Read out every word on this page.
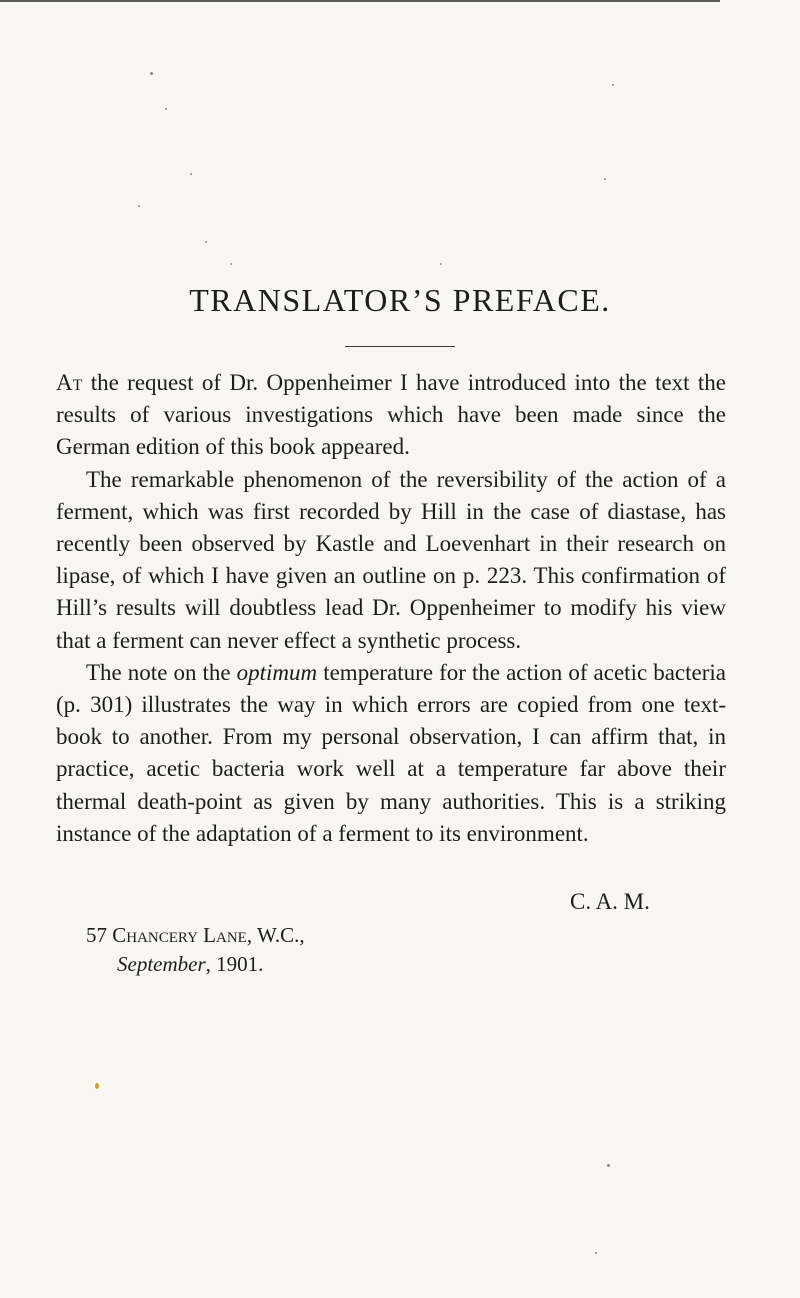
TRANSLATOR’S PREFACE.

At the request of Dr. Oppenheimer I have introduced into the text the results of various investigations which have been made since the German edition of this book appeared.

The remarkable phenomenon of the reversibility of the action of a ferment, which was first recorded by Hill in the case of diastase, has recently been observed by Kastle and Loevenhart in their research on lipase, of which I have given an outline on p. 223. This confirmation of Hill’s results will doubtless lead Dr. Oppenheimer to modify his view that a ferment can never effect a synthetic process.

The note on the optimum temperature for the action of acetic bacteria (p. 301) illustrates the way in which errors are copied from one text-book to another. From my personal observation, I can affirm that, in practice, acetic bacteria work well at a temperature far above their thermal death-point as given by many authorities. This is a striking instance of the adaptation of a ferment to its environment.

C. A. M.
57 Chancery Lane, W.C.,
September, 1901.
